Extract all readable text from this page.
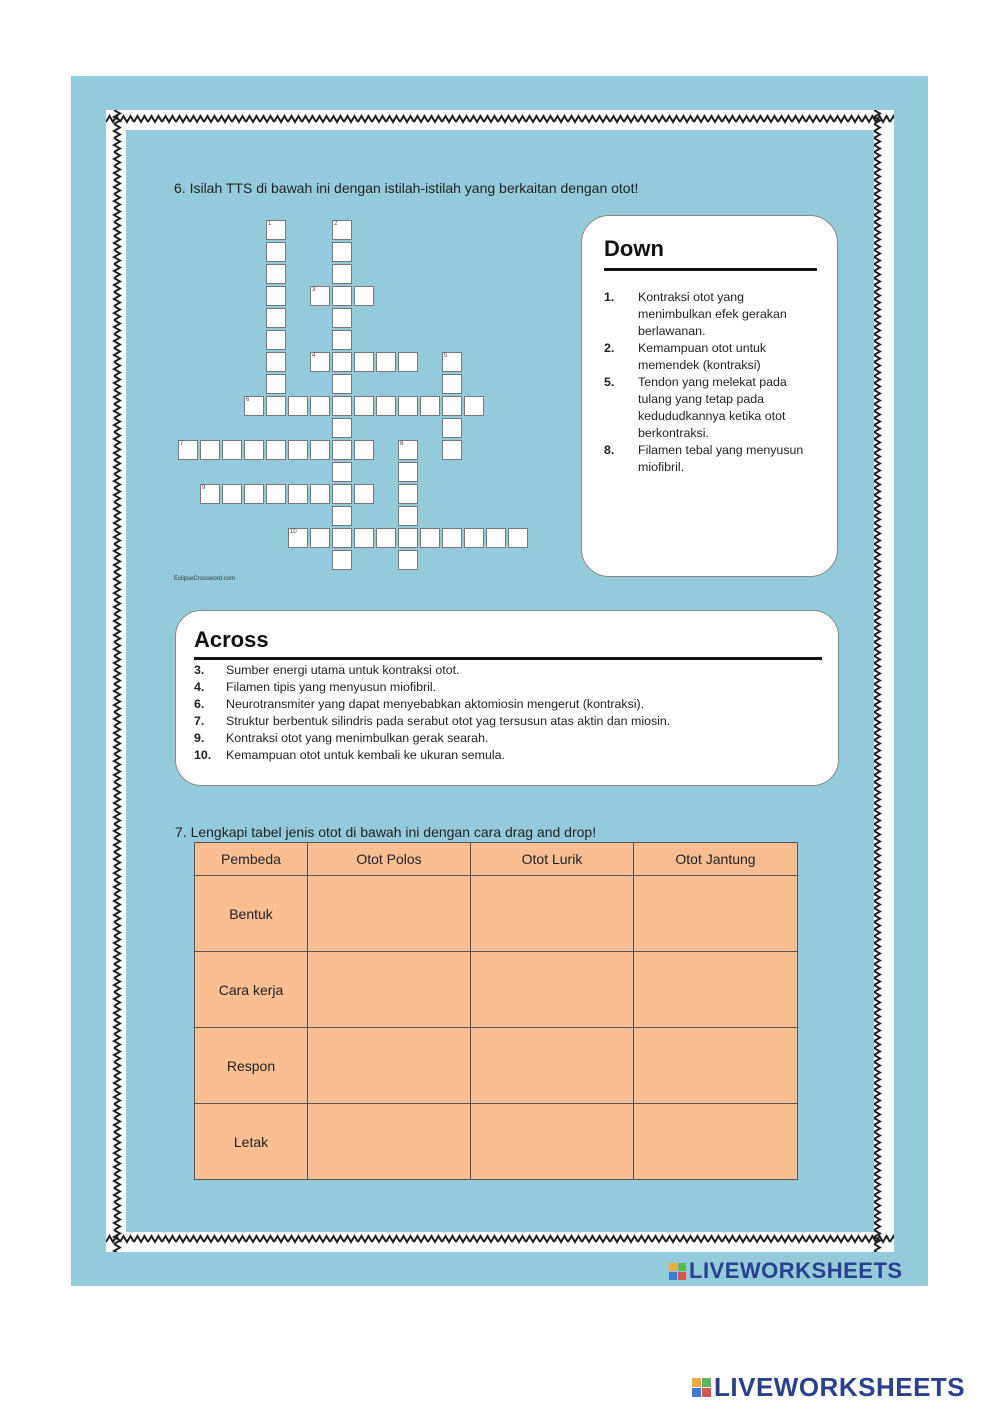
6. Isilah TTS di bawah ini dengan istilah-istilah yang berkaitan dengan otot!
1	2
3
4	5
6
7	8
9
10
EclipseCrossword.com
Down
1.	Kontraksi otot yang menimbulkan efek gerakan berlawanan.
2.	Kemampuan otot untuk memendek (kontraksi)
5.	Tendon yang melekat pada tulang yang tetap pada kedududkannya ketika otot berkontraksi.
8.	Filamen tebal yang menyusun miofibril.
Across
3.	Sumber energi utama untuk kontraksi otot.
4.	Filamen tipis yang menyusun miofibril.
6.	Neurotransmiter yang dapat menyebabkan aktomiosin mengerut (kontraksi).
7.	Struktur berbentuk silindris pada serabut otot yag tersusun atas aktin dan miosin.
9.	Kontraksi otot yang menimbulkan gerak searah.
10.	Kemampuan otot untuk kembali ke ukuran semula.
7. Lengkapi tabel jenis otot di bawah ini dengan cara drag and drop!
Pembeda	Otot Polos	Otot Lurik	Otot Jantung
Bentuk			
Cara kerja			
Respon			
Letak			
LIVEWORKSHEETS
LIVEWORKSHEETS
